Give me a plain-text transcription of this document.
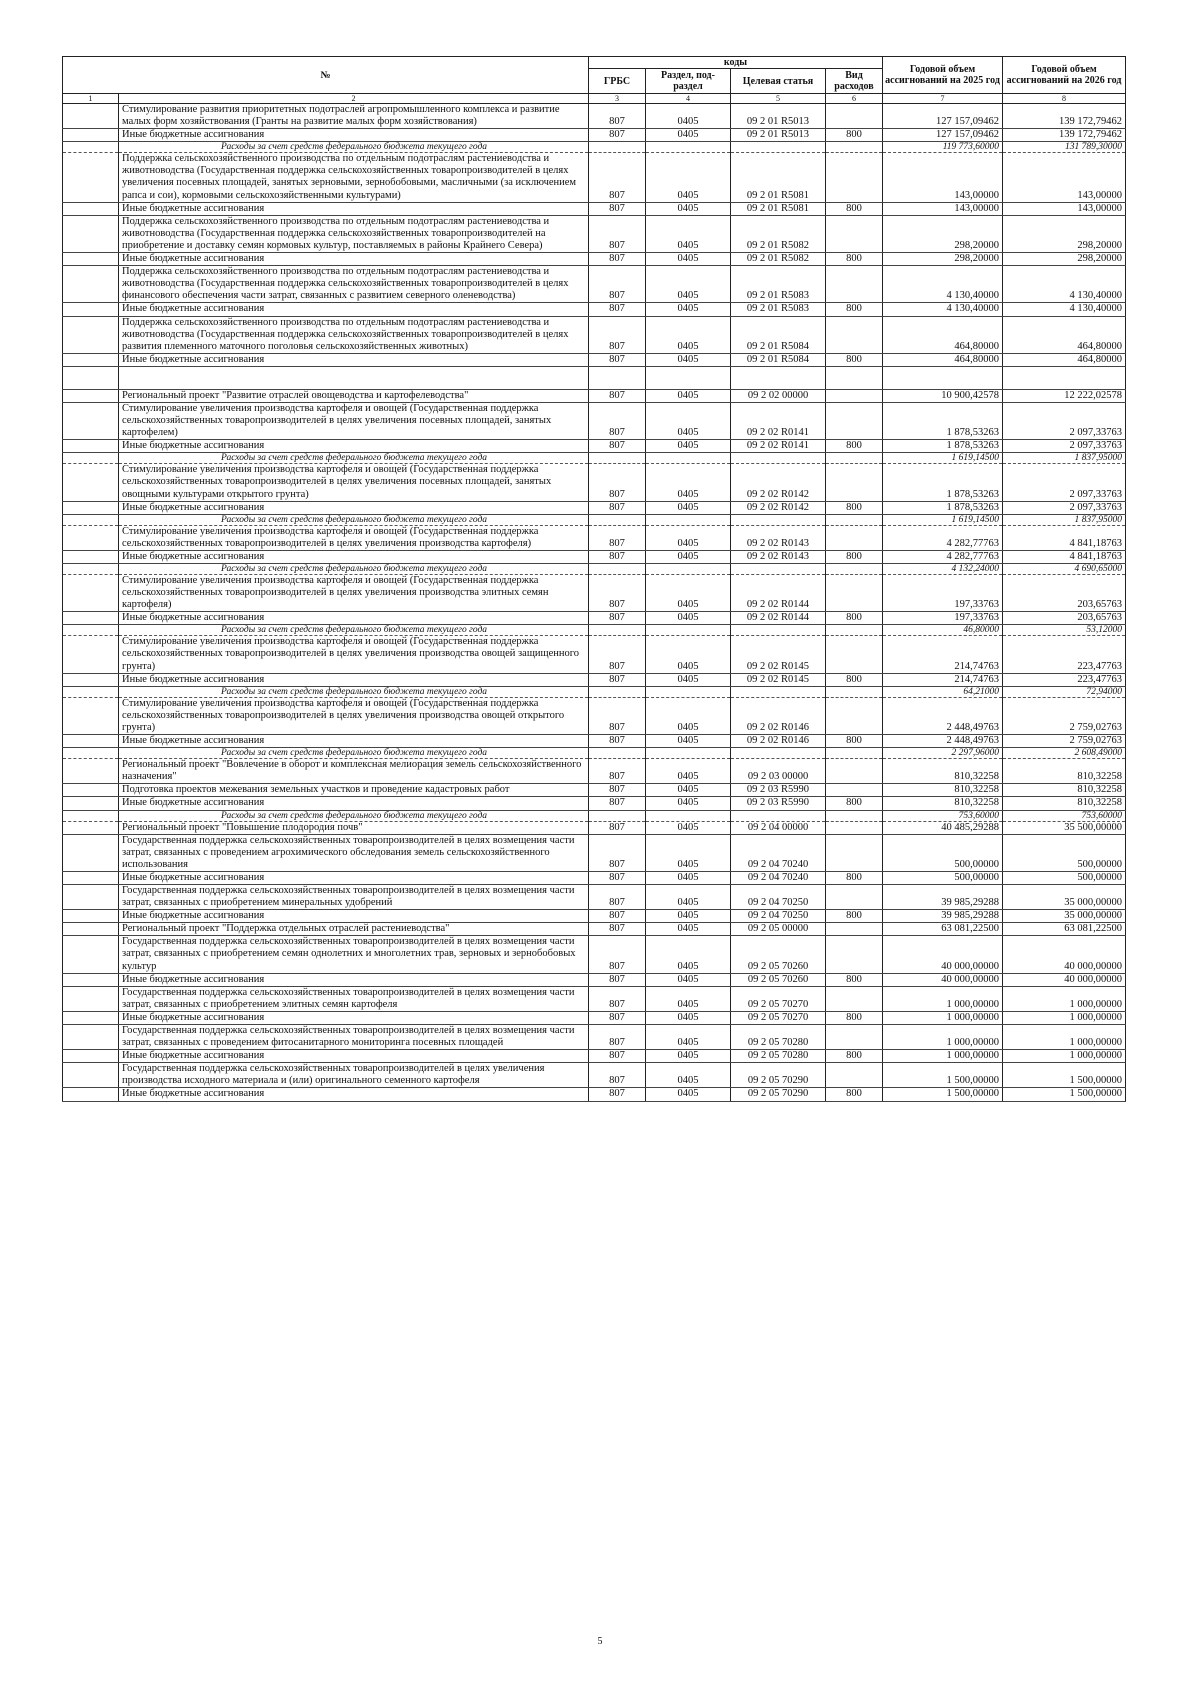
№		коды				Годовой объем ассигнований на 2025 год	Годовой объем ассигнований на 2026 год
		ГРБС	Раздел, под-раздел	Целевая статья	Вид расходов		
1	2	3	4	5	6	7	8
	Стимулирование развития приоритетных подотраслей агропромышленного комплекса и развитие малых форм хозяйствования (Гранты на развитие малых форм хозяйствования)	807	0405	09 2 01 R5013		127 157,09462	139 172,79462
	Иные бюджетные ассигнования	807	0405	09 2 01 R5013	800	127 157,09462	139 172,79462
	Расходы за счет средств федерального бюджета текущего года					119 773,60000	131 789,30000
	Поддержка сельскохозяйственного производства по отдельным подотраслям растениеводства и животноводства (Государственная поддержка сельскохозяйственных товаропроизводителей в целях увеличения посевных площадей, занятых зерновыми, зернобобовыми, масличными (за исключением рапса и сои), кормовыми сельскохозяйственными культурами)	807	0405	09 2 01 R5081		143,00000	143,00000
	Иные бюджетные ассигнования	807	0405	09 2 01 R5081	800	143,00000	143,00000
	Поддержка сельскохозяйственного производства по отдельным подотраслям растениеводства и животноводства (Государственная поддержка сельскохозяйственных товаропроизводителей на приобретение и доставку семян кормовых культур, поставляемых в районы Крайнего Севера)	807	0405	09 2 01 R5082		298,20000	298,20000
	Иные бюджетные ассигнования	807	0405	09 2 01 R5082	800	298,20000	298,20000
	Поддержка сельскохозяйственного производства по отдельным подотраслям растениеводства и животноводства (Государственная поддержка сельскохозяйственных товаропроизводителей в целях финансового обеспечения части затрат, связанных с развитием северного оленеводства)	807	0405	09 2 01 R5083		4 130,40000	4 130,40000
	Иные бюджетные ассигнования	807	0405	09 2 01 R5083	800	4 130,40000	4 130,40000
	Поддержка сельскохозяйственного производства по отдельным подотраслям растениеводства и животноводства (Государственная поддержка сельскохозяйственных товаропроизводителей в целях развития племенного маточного поголовья сельскохозяйственных животных)	807	0405	09 2 01 R5084		464,80000	464,80000
	Иные бюджетные ассигнования	807	0405	09 2 01 R5084	800	464,80000	464,80000

	Региональный проект "Развитие отраслей овощеводства и картофелеводства"	807	0405	09 2 02 00000		10 900,42578	12 222,02578
	Стимулирование увеличения производства картофеля и овощей (Государственная поддержка сельскохозяйственных товаропроизводителей в целях увеличения посевных площадей, занятых картофелем)	807	0405	09 2 02 R0141		1 878,53263	2 097,33763
	Иные бюджетные ассигнования	807	0405	09 2 02 R0141	800	1 878,53263	2 097,33763
	Расходы за счет средств федерального бюджета текущего года					1 619,14500	1 837,95000
	Стимулирование увеличения производства картофеля и овощей (Государственная поддержка сельскохозяйственных товаропроизводителей в целях увеличения посевных площадей, занятых овощными культурами открытого грунта)	807	0405	09 2 02 R0142		1 878,53263	2 097,33763
	Иные бюджетные ассигнования	807	0405	09 2 02 R0142	800	1 878,53263	2 097,33763
	Расходы за счет средств федерального бюджета текущего года					1 619,14500	1 837,95000
	Стимулирование увеличения производства картофеля и овощей (Государственная поддержка сельскохозяйственных товаропроизводителей в целях увеличения производства картофеля)	807	0405	09 2 02 R0143		4 282,77763	4 841,18763
	Иные бюджетные ассигнования	807	0405	09 2 02 R0143	800	4 282,77763	4 841,18763
	Расходы за счет средств федерального бюджета текущего года					4 132,24000	4 690,65000
	Стимулирование увеличения производства картофеля и овощей (Государственная поддержка сельскохозяйственных товаропроизводителей в целях увеличения производства элитных семян картофеля)	807	0405	09 2 02 R0144		197,33763	203,65763
	Иные бюджетные ассигнования	807	0405	09 2 02 R0144	800	197,33763	203,65763
	Расходы за счет средств федерального бюджета текущего года					46,80000	53,12000
	Стимулирование увеличения производства картофеля и овощей (Государственная поддержка сельскохозяйственных товаропроизводителей в целях увеличения производства овощей защищенного грунта)	807	0405	09 2 02 R0145		214,74763	223,47763
	Иные бюджетные ассигнования	807	0405	09 2 02 R0145	800	214,74763	223,47763
	Расходы за счет средств федерального бюджета текущего года					64,21000	72,94000
	Стимулирование увеличения производства картофеля и овощей (Государственная поддержка сельскохозяйственных товаропроизводителей в целях увеличения производства овощей открытого грунта)	807	0405	09 2 02 R0146		2 448,49763	2 759,02763
	Иные бюджетные ассигнования	807	0405	09 2 02 R0146	800	2 448,49763	2 759,02763
	Расходы за счет средств федерального бюджета текущего года					2 297,96000	2 608,49000
	Региональный проект "Вовлечение в оборот и комплексная мелиорация земель сельскохозяйственного назначения"	807	0405	09 2 03 00000		810,32258	810,32258
	Подготовка проектов межевания земельных участков и проведение кадастровых работ	807	0405	09 2 03 R5990		810,32258	810,32258
	Иные бюджетные ассигнования	807	0405	09 2 03 R5990	800	810,32258	810,32258
	Расходы за счет средств федерального бюджета текущего года					753,60000	753,60000
	Региональный проект "Повышение плодородия почв"	807	0405	09 2 04 00000		40 485,29288	35 500,00000
	Государственная поддержка сельскохозяйственных товаропроизводителей в целях возмещения части затрат, связанных с проведением агрохимического обследования земель сельскохозяйственного использования	807	0405	09 2 04 70240		500,00000	500,00000
	Иные бюджетные ассигнования	807	0405	09 2 04 70240	800	500,00000	500,00000
	Государственная поддержка сельскохозяйственных товаропроизводителей в целях возмещения части затрат, связанных с приобретением минеральных удобрений	807	0405	09 2 04 70250		39 985,29288	35 000,00000
	Иные бюджетные ассигнования	807	0405	09 2 04 70250	800	39 985,29288	35 000,00000
	Региональный проект "Поддержка отдельных отраслей растениеводства"	807	0405	09 2 05 00000		63 081,22500	63 081,22500
	Государственная поддержка сельскохозяйственных товаропроизводителей в целях возмещения части затрат, связанных с приобретением семян однолетних и многолетних трав, зерновых и зернобобовых культур	807	0405	09 2 05 70260		40 000,00000	40 000,00000
	Иные бюджетные ассигнования	807	0405	09 2 05 70260	800	40 000,00000	40 000,00000
	Государственная поддержка сельскохозяйственных товаропроизводителей в целях возмещения части затрат, связанных с приобретением элитных семян картофеля	807	0405	09 2 05 70270		1 000,00000	1 000,00000
	Иные бюджетные ассигнования	807	0405	09 2 05 70270	800	1 000,00000	1 000,00000
	Государственная поддержка сельскохозяйственных товаропроизводителей в целях возмещения части затрат, связанных с проведением фитосанитарного мониторинга посевных площадей	807	0405	09 2 05 70280		1 000,00000	1 000,00000
	Иные бюджетные ассигнования	807	0405	09 2 05 70280	800	1 000,00000	1 000,00000
	Государственная поддержка сельскохозяйственных товаропроизводителей в целях увеличения производства исходного материала и (или) оригинального семенного картофеля	807	0405	09 2 05 70290		1 500,00000	1 500,00000
	Иные бюджетные ассигнования	807	0405	09 2 05 70290	800	1 500,00000	1 500,00000
5
